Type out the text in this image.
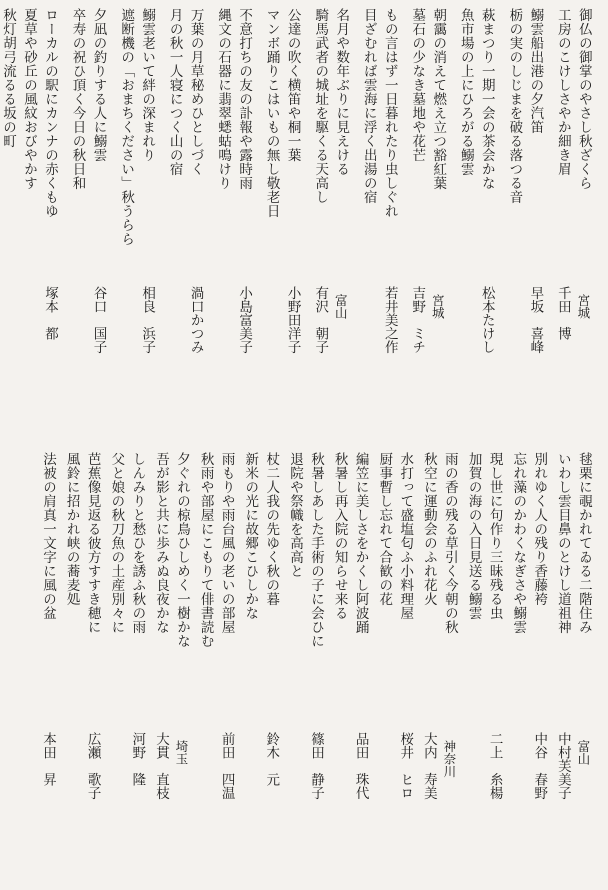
御仏の御掌のやさし秋ざくら
工房のこけしさやか細き眉
宮城
千田　博
鰯雲船出港の夕汽笛
栃の実のしじまを破る落つる音
早坂　喜峰
萩まつり一期一会の茶会かな
魚市場の上にひろがる鰯雲
松本たけし
朝靄の消えて燃え立つ豁紅葉
墓石の少なき墓地や花芒
宮城
吉野　ミチ
もの言はず一日暮れたり虫しぐれ
目ざむれば雲海に浮く出湯の宿
若井美之作
名月や数年ぶりに見えける
騎馬武者の城址を駆くる天高し
富山
有沢　朝子
公達の吹く横笛や桐一葉
マンボ踊りこはいもの無し敬老日
小野田洋子
不意打ちの友の訃報や露時雨
縄文の石器に翡翠蟋蛄鳴けり
小島富美子
万葉の月草秘めひとしづく
月の秋一人寝につく山の宿
渦口かつみ
鰯雲老いて絆の深まれり
遮断機の「おまちください」秋うらら
相良　浜子
夕凪の釣りする人に鰯雲
卒寿の祝ひ頂く今日の秋日和
谷口　国子
ローカルの駅にカンナの赤くもゆ
夏草や砂丘の風紋おびやかす
秋灯胡弓流るる坂の町
塚本　都
毬栗に覗かれてゐる二階住み
いわし雲目鼻のとけし道祖神
富山
中村芙美子
別れゆく人の残り香藤袴
忘れ藻のかわくなぎさや鰯雲
中谷　春野
現し世に句作り三昧残る虫
加賀の海の入日見送る鰯雲
二上　糸楊
雨の香の残る草引く今朝の秋
秋空に運動会のふれ花火
神奈川
大内　寿美
水打って盛塩匂ふ小料理屋
厨事暫し忘れて合歓の花
桜井　ヒロ
編笠に美しさをかくし阿波踊
秋暑し再入院の知らせ来る
品田　珠代
秋暑しあした手術の子に会ひに
退院や祭幟を高高と
篠田　静子
杖二人我の先ゆく秋の暮
新米の光に故郷こひしかな
鈴木　元
雨もりや雨台風の老いの部屋
秋雨や部屋にこもりて俳書読む
前田　四温
夕ぐれの椋鳥ひしめく一樹かな
吾が影と共に歩みぬ良夜かな
埼玉
大貫　直枝
しんみりと愁ひを誘ふ秋の雨
父と娘の秋刀魚の土産別々に
河野　隆
芭蕉像見返る彼方すすき穂に
風鈴に招かれ峡の蕎麦処
広瀬　歌子
法被の肩真一文字に風の盆
本田　昇
